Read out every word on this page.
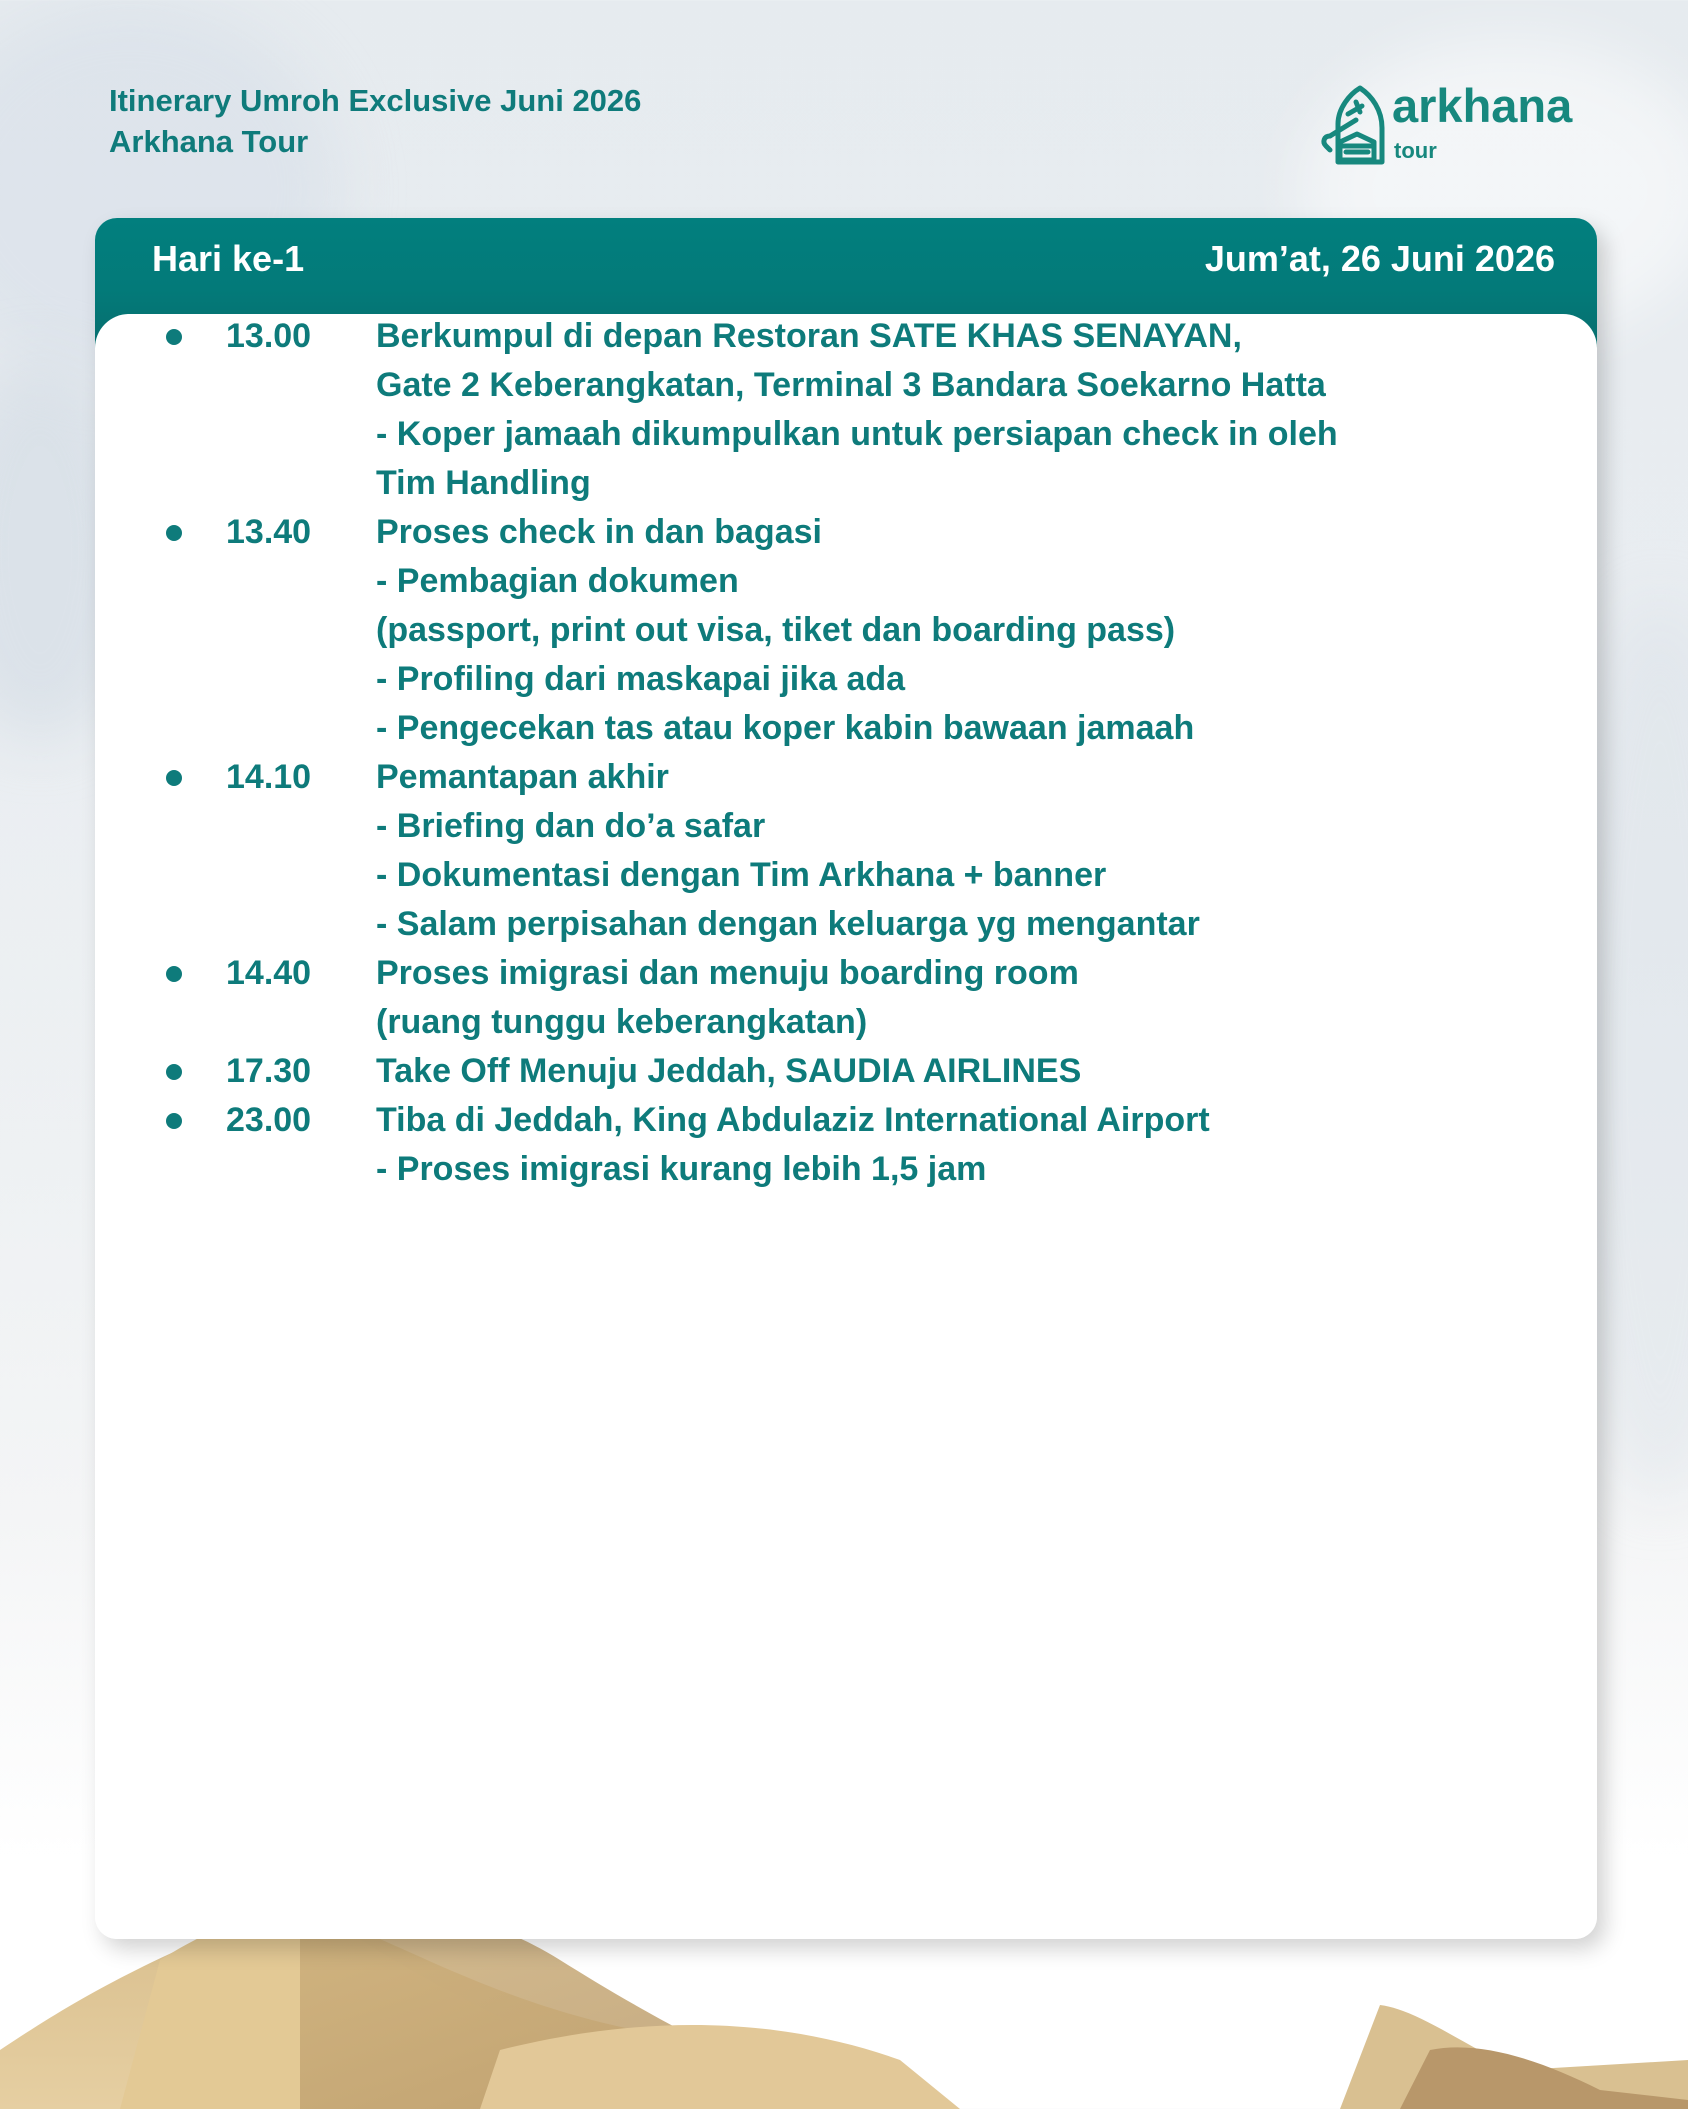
Itinerary Umroh Exclusive Juni 2026
Arkhana Tour
arkhana
tour
Hari ke-1	Jum’at, 26 Juni 2026
13.00	Berkumpul di depan Restoran SATE KHAS SENAYAN,
Gate 2 Keberangkatan, Terminal 3 Bandara Soekarno Hatta
- Koper jamaah dikumpulkan untuk persiapan check in oleh
Tim Handling
13.40	Proses check in dan bagasi
- Pembagian dokumen
(passport, print out visa, tiket dan boarding pass)
- Profiling dari maskapai jika ada
- Pengecekan tas atau koper kabin bawaan jamaah
14.10	Pemantapan akhir
- Briefing dan do’a safar
- Dokumentasi dengan Tim Arkhana + banner
- Salam perpisahan dengan keluarga yg mengantar
14.40	Proses imigrasi dan menuju boarding room
(ruang tunggu keberangkatan)
17.30	Take Off Menuju Jeddah, SAUDIA AIRLINES
23.00	Tiba di Jeddah, King Abdulaziz International Airport
- Proses imigrasi kurang lebih 1,5 jam
